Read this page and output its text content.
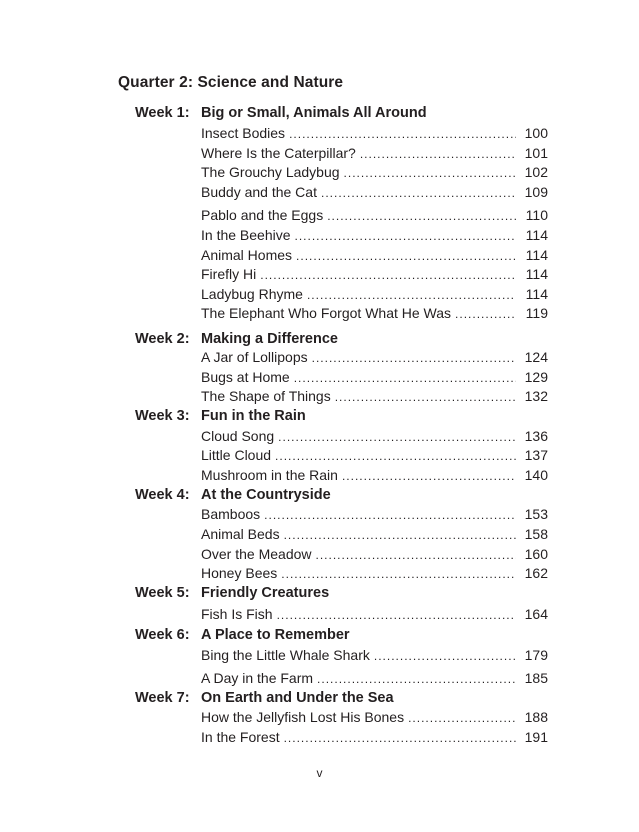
Quarter 2: Science and Nature
Week 1: Big or Small, Animals All Around
Insect Bodies .....	100
Where Is the Caterpillar? .....	101
The Grouchy Ladybug .....	102
Buddy and the Cat .....	109
Pablo and the Eggs .....	110
In the Beehive .....	114
Animal Homes .....	114
Firefly Hi .....	114
Ladybug Rhyme .....	114
The Elephant Who Forgot What He Was .....	119
Week 2: Making a Difference
A Jar of Lollipops .....	124
Bugs at Home .....	129
The Shape of Things .....	132
Week 3: Fun in the Rain
Cloud Song .....	136
Little Cloud .....	137
Mushroom in the Rain .....	140
Week 4: At the Countryside
Bamboos .....	153
Animal Beds .....	158
Over the Meadow .....	160
Honey Bees .....	162
Week 5: Friendly Creatures
Fish Is Fish .....	164
Week 6: A Place to Remember
Bing the Little Whale Shark .....	179
A Day in the Farm .....	185
Week 7: On Earth and Under the Sea
How the Jellyfish Lost His Bones .....	188
In the Forest .....	191
v
